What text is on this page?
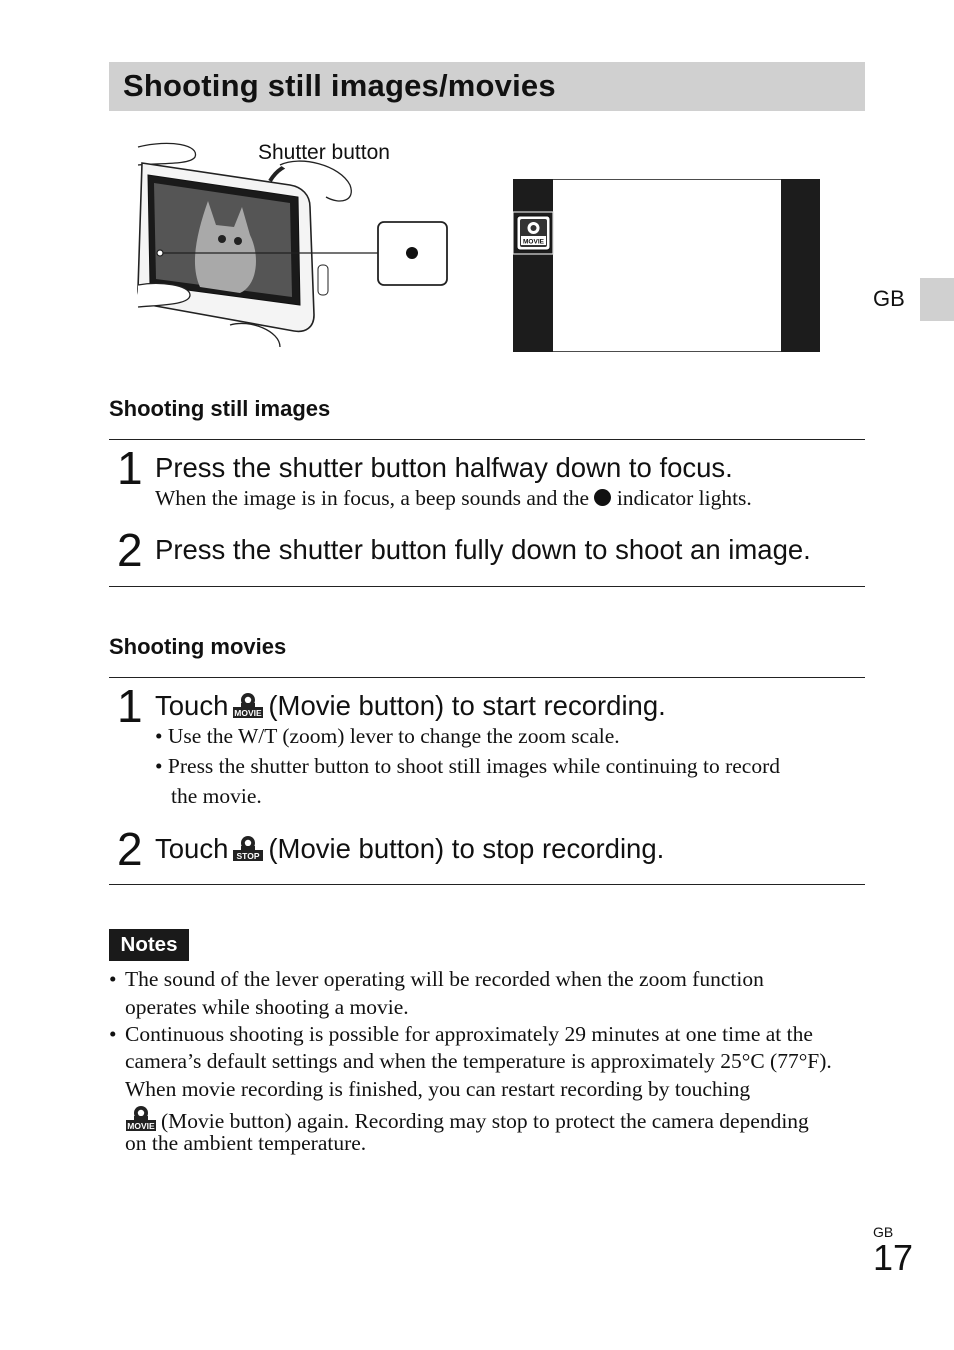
Shooting still images/movies
Shutter button
MOVIE
GB
Shooting still images
1 Press the shutter button halfway down to focus.
When the image is in focus, a beep sounds and the indicator lights.
2 Press the shutter button fully down to shoot an image.
Shooting movies
1 Touch MOVIE (Movie button) to start recording.
• Use the W/T (zoom) lever to change the zoom scale.
• Press the shutter button to shoot still images while continuing to record
the movie.
2 Touch STOP (Movie button) to stop recording.
Notes
• The sound of the lever operating will be recorded when the zoom function
operates while shooting a movie.
• Continuous shooting is possible for approximately 29 minutes at one time at the
camera’s default settings and when the temperature is approximately 25°C (77°F).
When movie recording is finished, you can restart recording by touching
MOVIE (Movie button) again. Recording may stop to protect the camera depending
on the ambient temperature.
GB
17
